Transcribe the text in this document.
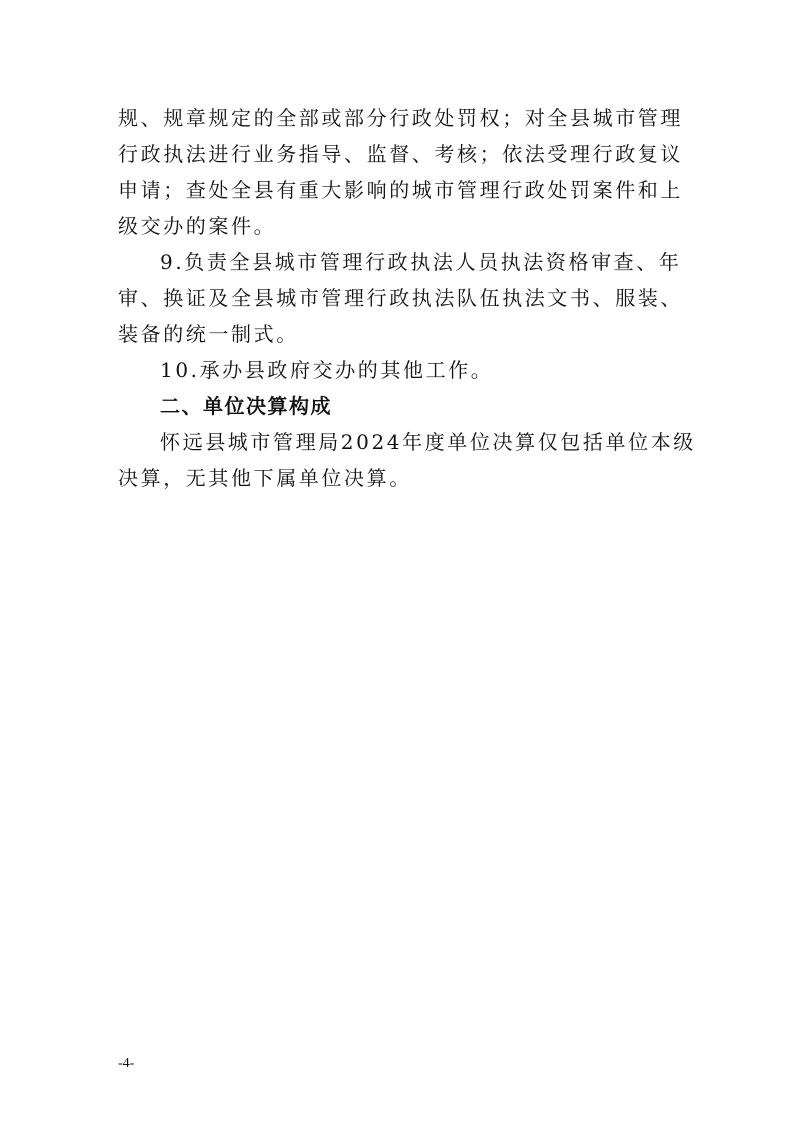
规、规章规定的全部或部分行政处罚权；对全县城市管理
行政执法进行业务指导、监督、考核；依法受理行政复议
申请；查处全县有重大影响的城市管理行政处罚案件和上
级交办的案件。
9.负责全县城市管理行政执法人员执法资格审查、年
审、换证及全县城市管理行政执法队伍执法文书、服装、
装备的统一制式。
10.承办县政府交办的其他工作。
二、单位决算构成
怀远县城市管理局2024年度单位决算仅包括单位本级
决算，无其他下属单位决算。
-4-
